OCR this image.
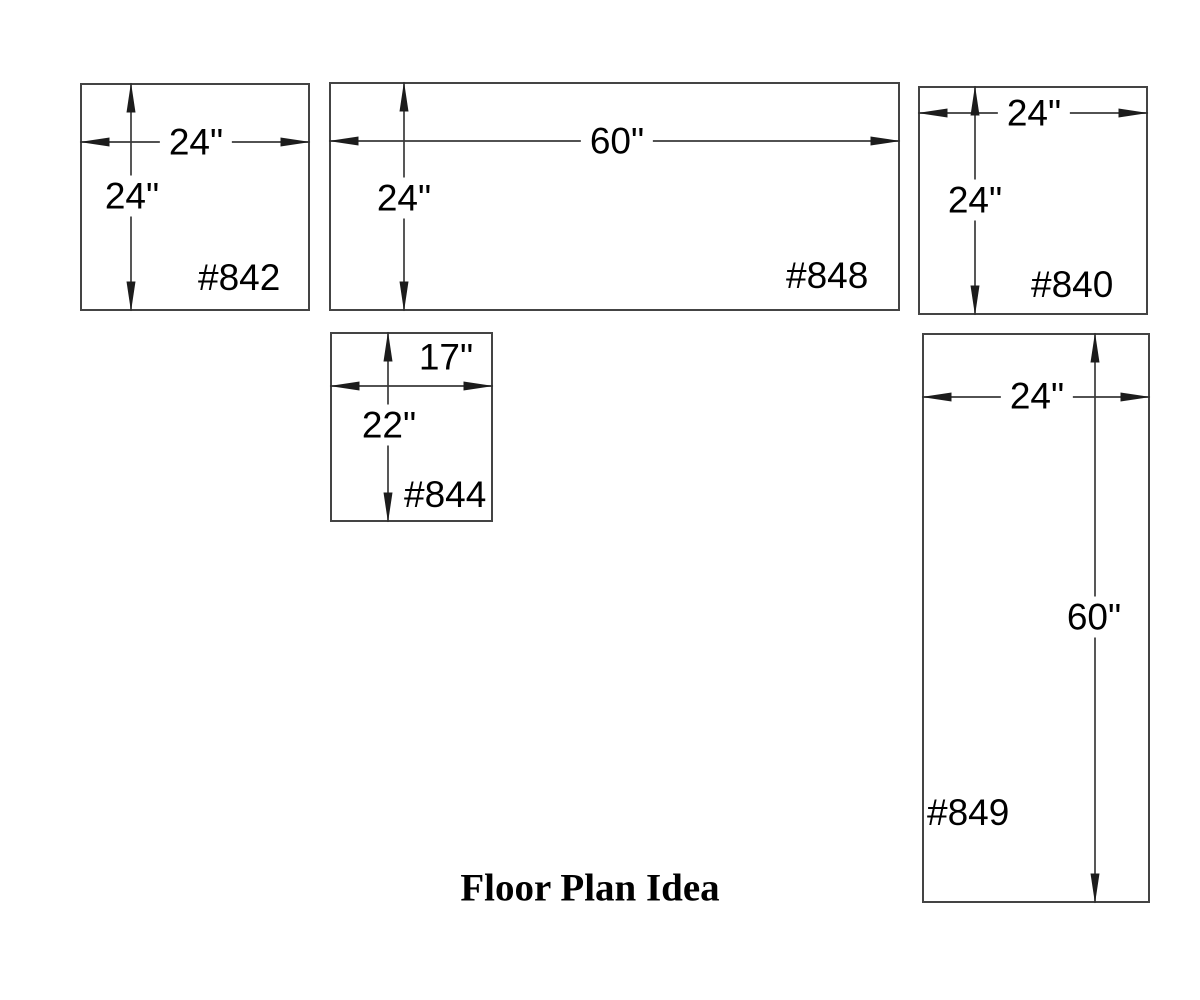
24"
24"
60"
24"
24"
24"
17"
22"
24"
60"
#842	#848	#840
#844
#849
Floor Plan Idea
